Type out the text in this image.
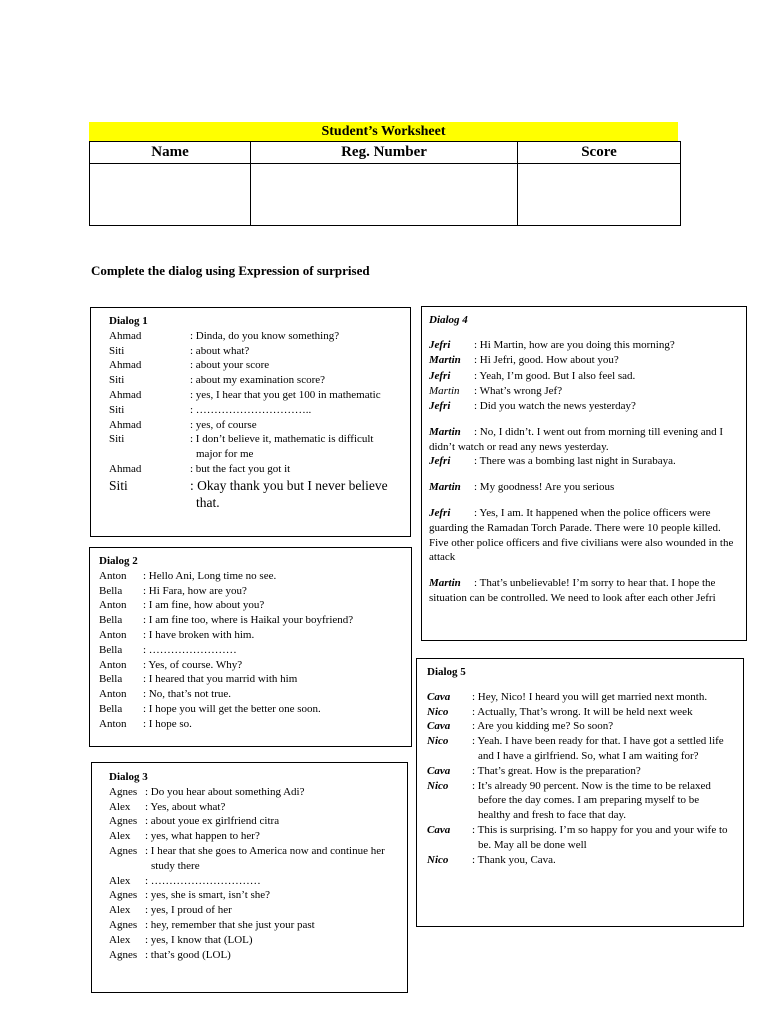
Student’s Worksheet
Name	Reg. Number	Score

Complete the dialog using Expression of surprised
Dialog 1
Ahmad	: Dinda, do you know something?
Siti	: about what?
Ahmad	: about your score
Siti	: about my examination score?
Ahmad	: yes, I hear that you get 100 in mathematic
Siti	: …………………………..
Ahmad	: yes, of course
Siti	: I don’t believe it, mathematic is difficult major for me
Ahmad	: but the fact you got it
Siti	: Okay thank you but I never believe that.
Dialog 2
Anton	: Hello Ani, Long time no see.
Bella	: Hi Fara, how are you?
Anton	: I am fine, how about you?
Bella	: I am fine too, where is Haikal your boyfriend?
Anton	: I have broken with him.
Bella	: ……………………
Anton	: Yes, of course. Why?
Bella	: I heared that you marrid with him
Anton	: No, that’s not true.
Bella	: I hope you will get the better one soon.
Anton	: I hope so.
Dialog 3
Agnes : Do you hear about something Adi?
Alex	: Yes, about what?
Agnes : about youe ex girlfriend citra
Alex	: yes, what happen to her?
Agnes : I hear that she goes to America now and continue her study there
Alex	: …………………………
Agnes : yes, she is smart, isn’t she?
Alex	: yes, I proud of her
Agnes : hey, remember that she just your past
Alex	: yes, I know that (LOL)
Agnes : that’s good (LOL)
Dialog 4
Jefri	: Hi Martin, how are you doing this morning?
Martin	: Hi Jefri, good. How about you?
Jefri	: Yeah, I’m good. But I also feel sad.
Martin	: What’s wrong Jef?
Jefri	: Did you watch the news yesterday?
Martin : No, I didn’t. I went out from morning till evening and I didn’t watch or read any news yesterday.
Jefri	: There was a bombing last night in Surabaya.
Martin	: My goodness! Are you serious
Jefri : Yes, I am. It happened when the police officers were guarding the Ramadan Torch Parade. There were 10 people killed. Five other police officers and five civilians were also wounded in the attack
Martin : That’s unbelievable! I’m sorry to hear that. I hope the situation can be controlled. We need to look after each other Jefri
Dialog 5
Cava : Hey, Nico! I heard you will get married next month.
Nico	: Actually, That’s wrong. It will be held next week
Cava	: Are you kidding me? So soon?
Nico	: Yeah. I have been ready for that. I have got a settled life and I have a girlfriend. So, what I am waiting for?
Cava	: That’s great. How is the preparation?
Nico	: It’s already 90 percent. Now is the time to be relaxed before the day comes. I am preparing myself to be healthy and fresh to face that day.
Cava	: This is surprising. I’m so happy for you and your wife to be. May all be done well
Nico	: Thank you, Cava.
